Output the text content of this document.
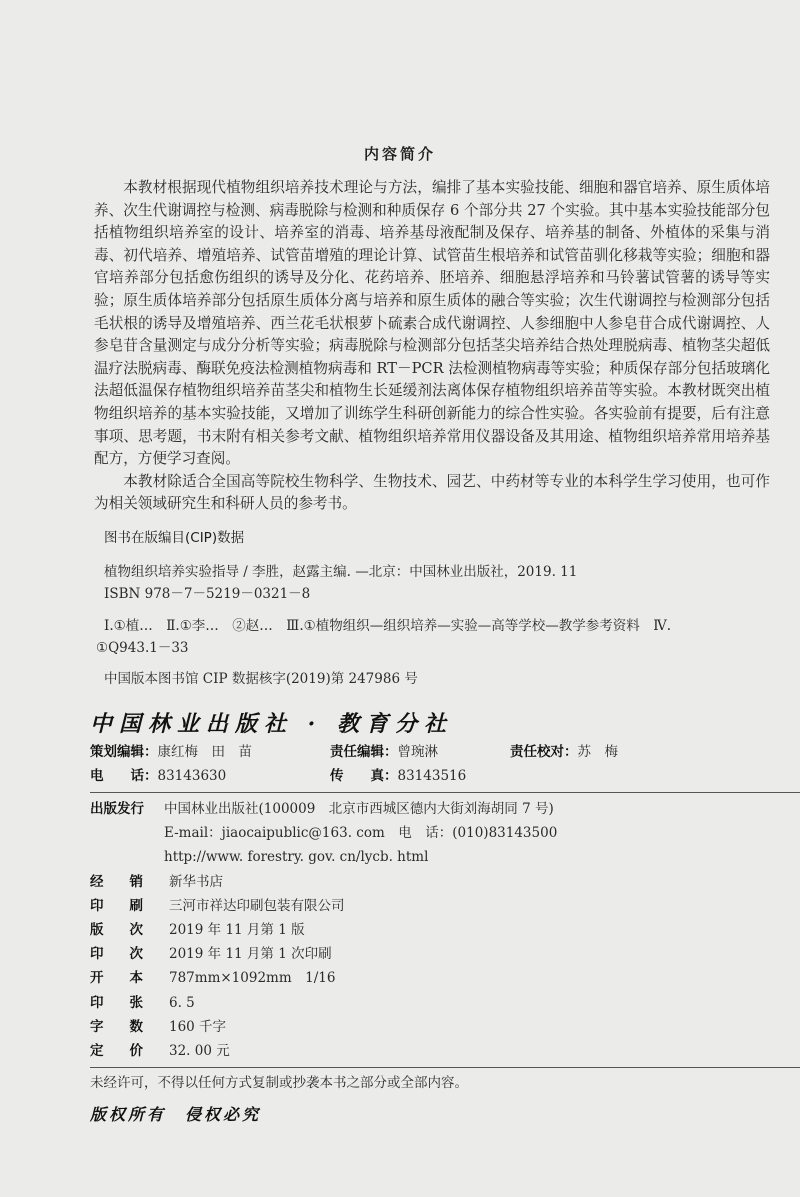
内容简介

本教材根据现代植物组织培养技术理论与方法，编排了基本实验技能、细胞和器官培养、原生质体培养、次生代谢调控与检测、病毒脱除与检测和种质保存 6 个部分共 27 个实验。其中基本实验技能部分包括植物组织培养室的设计、培养室的消毒、培养基母液配制及保存、培养基的制备、外植体的采集与消毒、初代培养、增殖培养、试管苗增殖的理论计算、试管苗生根培养和试管苗驯化移栽等实验；细胞和器官培养部分包括愈伤组织的诱导及分化、花药培养、胚培养、细胞悬浮培养和马铃薯试管薯的诱导等实验；原生质体培养部分包括原生质体分离与培养和原生质体的融合等实验；次生代谢调控与检测部分包括毛状根的诱导及增殖培养、西兰花毛状根萝卜硫素合成代谢调控、人参细胞中人参皂苷合成代谢调控、人参皂苷含量测定与成分分析等实验；病毒脱除与检测部分包括茎尖培养结合热处理脱病毒、植物茎尖超低温疗法脱病毒、酶联免疫法检测植物病毒和 RT－PCR 法检测植物病毒等实验；种质保存部分包括玻璃化法超低温保存植物组织培养苗茎尖和植物生长延缓剂法离体保存植物组织培养苗等实验。本教材既突出植物组织培养的基本实验技能，又增加了训练学生科研创新能力的综合性实验。各实验前有提要，后有注意事项、思考题，书末附有相关参考文献、植物组织培养常用仪器设备及其用途、植物组织培养常用培养基配方，方便学习查阅。

本教材除适合全国高等院校生物科学、生物技术、园艺、中药材等专业的本科学生学习使用，也可作为相关领域研究生和科研人员的参考书。

图书在版编目(CIP)数据
植物组织培养实验指导 / 李胜，赵露主编. —北京：中国林业出版社，2019. 11
ISBN 978－7－5219－0321－8
Ⅰ.①植…　Ⅱ.①李…　②赵…　Ⅲ.①植物组织—组织培养—实验—高等学校—教学参考资料　Ⅳ.
①Q943.1－33
中国版本图书馆 CIP 数据核字(2019)第 247986 号
中国林业出版社 · 教育分社
策划编辑：康红梅　田　苗	责任编辑：曾琬淋	责任校对：苏　梅
电　　话：83143630	传　　真：83143516
出版发行	中国林业出版社(100009　北京市西城区德内大街刘海胡同 7 号)
E-mail：jiaocaipublic@163. com　电　话：(010)83143500
http://www. forestry. gov. cn/lycb. html
经销 新华书店
印刷 三河市祥达印刷包装有限公司
版次 2019 年 11 月第 1 版
印次 2019 年 11 月第 1 次印刷
开本 787mm×1092mm　1/16
印张 6. 5
字数 160 千字
定价 32. 00 元
未经许可，不得以任何方式复制或抄袭本书之部分或全部内容。
版权所有　侵权必究
